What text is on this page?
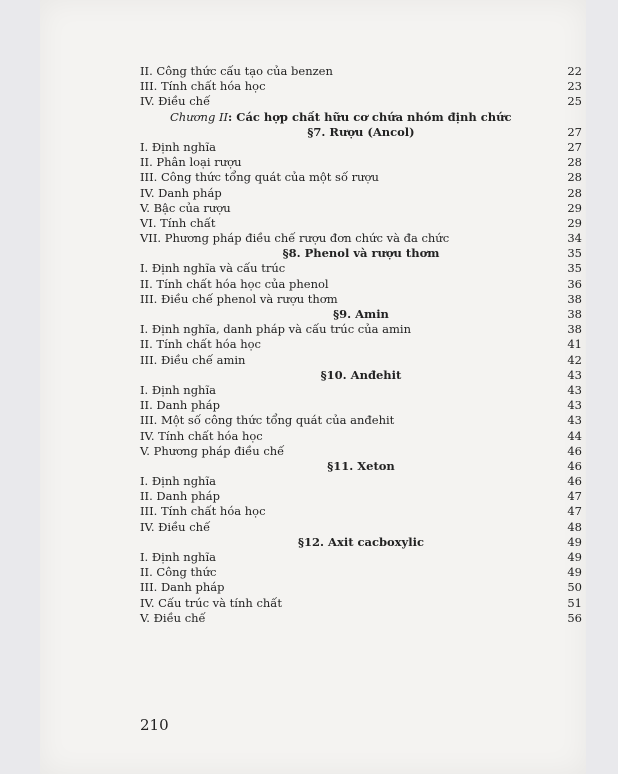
II. Công thức cấu tạo của benzen	22
III. Tính chất hóa học	23
IV. Điều chế	25
Chương II: Các hợp chất hữu cơ chứa nhóm định chức
§7. Rượu (Ancol)	27
I. Định nghĩa	27
II. Phân loại rượu	28
III. Công thức tổng quát của một số rượu	28
IV. Danh pháp	28
V. Bậc của rượu	29
VI. Tính chất	29
VII. Phương pháp điều chế rượu đơn chức và đa chức	34
§8. Phenol và rượu thơm	35
I. Định nghĩa và cấu trúc	35
II. Tính chất hóa học của phenol	36
III. Điều chế phenol và rượu thơm	38
§9. Amin	38
I. Định nghĩa, danh pháp và cấu trúc của amin	38
II. Tính chất hóa học	41
III. Điều chế amin	42
§10. Anđehit	43
I. Định nghĩa	43
II. Danh pháp	43
III. Một số công thức tổng quát của anđehit	43
IV. Tính chất hóa học	44
V. Phương pháp điều chế	46
§11. Xeton	46
I. Định nghĩa	46
II. Danh pháp	47
III. Tính chất hóa học	47
IV. Điều chế	48
§12. Axit cacboxylic	49
I. Định nghĩa	49
II. Công thức	49
III. Danh pháp	50
IV. Cấu trúc và tính chất	51
V. Điều chế	56
210
